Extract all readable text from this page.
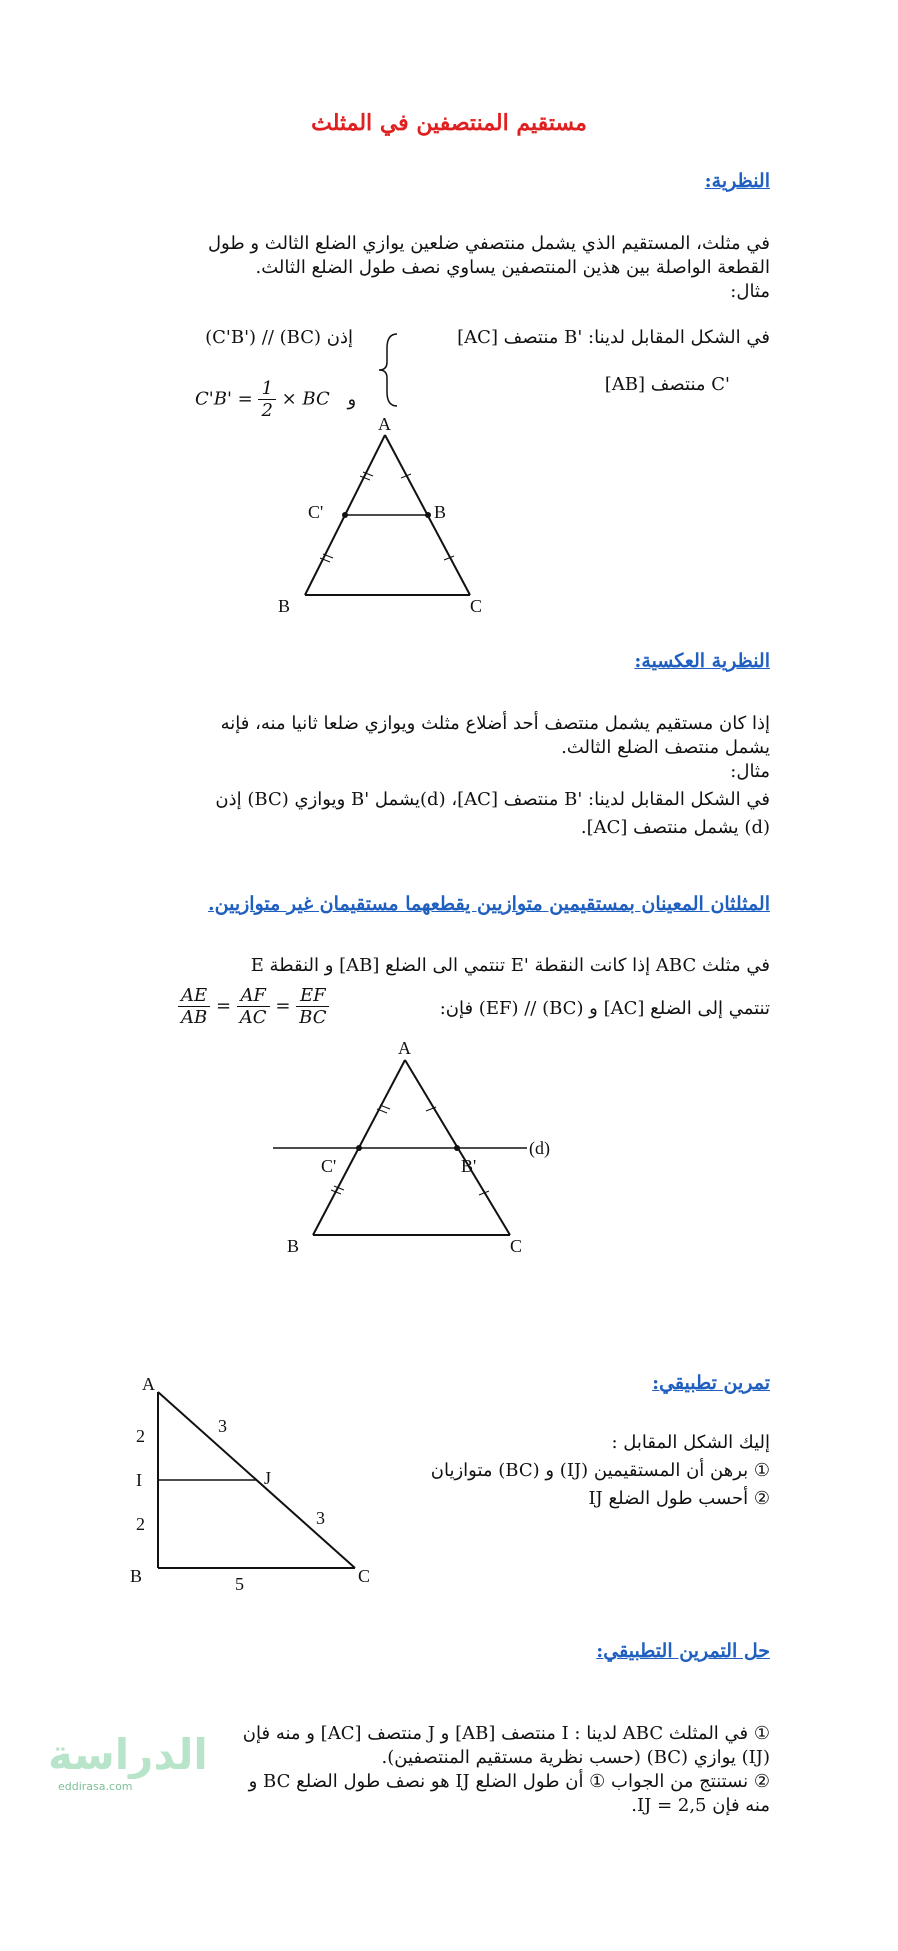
مستقيم المنتصفين في المثلث
النظرية:
في مثلث، المستقيم الذي يشمل منتصفي ضلعين يوازي الضلع الثالث و طول
القطعة الواصلة بين هذين المنتصفين يساوي نصف طول الضلع الثالث.
مثال:
في الشكل المقابل لدينا: 'B منتصف [AC]
'C منتصف [AB]
إذن (BC) // ('C'B)
$C'B' = \frac{1}{2}$ × BC و
A
B	C
C'	B
النظرية العكسية:
إذا كان مستقيم يشمل منتصف أحد أضلاع مثلث ويوازي ضلعا ثانيا منه، فإنه
يشمل منتصف الضلع الثالث.
مثال:
في الشكل المقابل لدينا: 'B منتصف [AC]، (d)يشمل 'B ويوازي (BC) إذن
(d) يشمل منتصف [AC].
المثلثان المعينان بمستقيمين متوازيين يقطعهما مستقيمان غير متوازيين.
في مثلث ABC إذا كانت النقطة 'E تنتمي الى الضلع [AB] و النقطة E
تنتمي إلى الضلع [AC] و (BC) // (EF) فإن:
$\frac{AE}{AB} = \frac{AF}{AC} = \frac{EF}{BC}$
A
B	C
C'	B'
(d)
تمرين تطبيقي:
إليك الشكل المقابل :
① برهن أن المستقيمين (IJ) و (BC) متوازيان
② أحسب طول الضلع IJ
A
B	C
I	J
2
2
3
3
5
حل التمرين التطبيقي:
① في المثلث ABC لدينا : I منتصف [AB] و J منتصف [AC] و منه فإن
(IJ) يوازي (BC) (حسب نظرية مستقيم المنتصفين).
② نستنتج من الجواب ① أن طول الضلع IJ هو نصف طول الضلع BC و
منه فإن IJ = 2,5.
الدراسة
eddirasa.com
